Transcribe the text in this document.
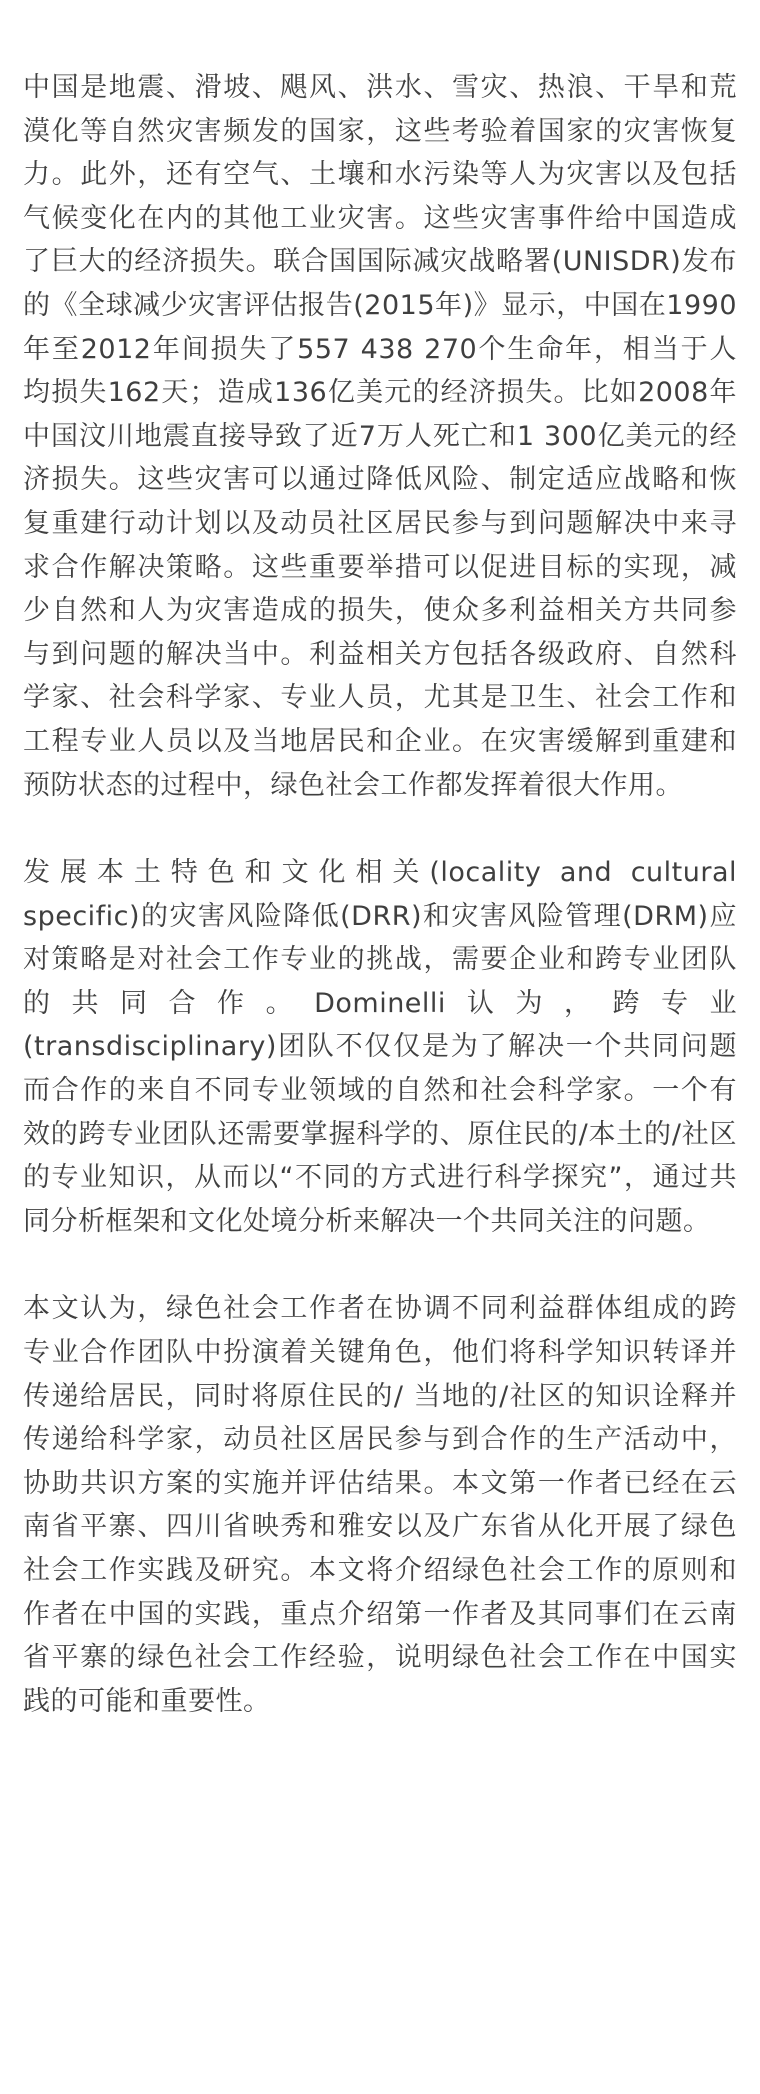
中国是地震、滑坡、飓风、洪水、雪灾、热浪、干旱和荒漠化等自然灾害频发的国家，这些考验着国家的灾害恢复力。此外，还有空气、土壤和水污染等人为灾害以及包括气候变化在内的其他工业灾害。这些灾害事件给中国造成了巨大的经济损失。联合国国际减灾战略署(UNISDR)发布的《全球减少灾害评估报告(2015年)》显示，中国在1990年至2012年间损失了557 438 270个生命年，相当于人均损失162天；造成136亿美元的经济损失。比如2008年中国汶川地震直接导致了近7万人死亡和1 300亿美元的经济损失。这些灾害可以通过降低风险、制定适应战略和恢复重建行动计划以及动员社区居民参与到问题解决中来寻求合作解决策略。这些重要举措可以促进目标的实现，减少自然和人为灾害造成的损失，使众多利益相关方共同参与到问题的解决当中。利益相关方包括各级政府、自然科学家、社会科学家、专业人员，尤其是卫生、社会工作和工程专业人员以及当地居民和企业。在灾害缓解到重建和预防状态的过程中，绿色社会工作都发挥着很大作用。

发展本土特色和文化相关(locality and cultural specific)的灾害风险降低(DRR)和灾害风险管理(DRM)应对策略是对社会工作专业的挑战，需要企业和跨专业团队的共同合作。Dominelli认为，跨专业(transdisciplinary)团队不仅仅是为了解决一个共同问题而合作的来自不同专业领域的自然和社会科学家。一个有效的跨专业团队还需要掌握科学的、原住民的/本土的/社区的专业知识，从而以“不同的方式进行科学探究”，通过共同分析框架和文化处境分析来解决一个共同关注的问题。

本文认为，绿色社会工作者在协调不同利益群体组成的跨专业合作团队中扮演着关键角色，他们将科学知识转译并传递给居民，同时将原住民的/ 当地的/社区的知识诠释并传递给科学家，动员社区居民参与到合作的生产活动中，协助共识方案的实施并评估结果。本文第一作者已经在云南省平寨、四川省映秀和雅安以及广东省从化开展了绿色社会工作实践及研究。本文将介绍绿色社会工作的原则和作者在中国的实践，重点介绍第一作者及其同事们在云南省平寨的绿色社会工作经验，说明绿色社会工作在中国实践的可能和重要性。
